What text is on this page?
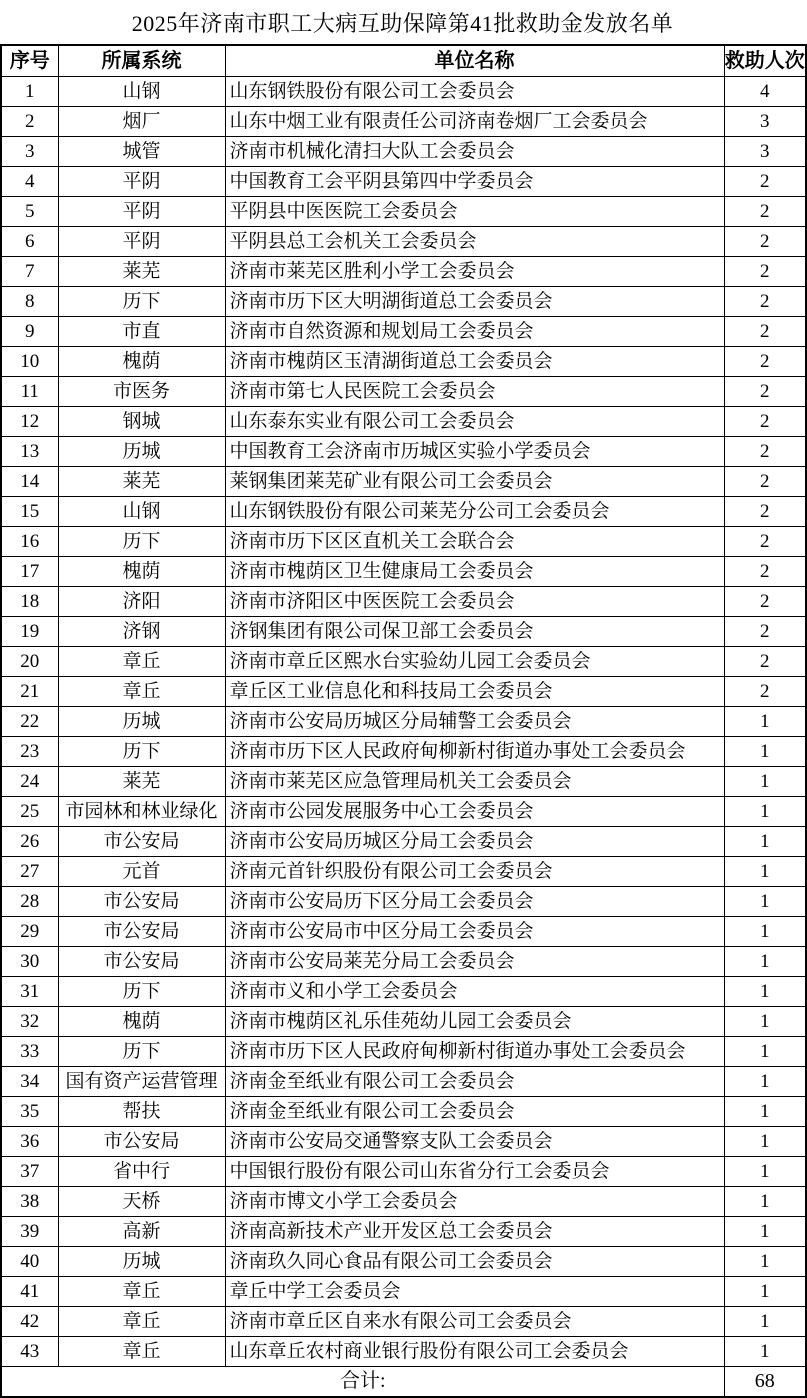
2025年济南市职工大病互助保障第41批救助金发放名单
序号	所属系统	单位名称	救助人次
1	山钢	山东钢铁股份有限公司工会委员会	4
2	烟厂	山东中烟工业有限责任公司济南卷烟厂工会委员会	3
3	城管	济南市机械化清扫大队工会委员会	3
4	平阴	中国教育工会平阴县第四中学委员会	2
5	平阴	平阴县中医医院工会委员会	2
6	平阴	平阴县总工会机关工会委员会	2
7	莱芜	济南市莱芜区胜利小学工会委员会	2
8	历下	济南市历下区大明湖街道总工会委员会	2
9	市直	济南市自然资源和规划局工会委员会	2
10	槐荫	济南市槐荫区玉清湖街道总工会委员会	2
11	市医务	济南市第七人民医院工会委员会	2
12	钢城	山东泰东实业有限公司工会委员会	2
13	历城	中国教育工会济南市历城区实验小学委员会	2
14	莱芜	莱钢集团莱芜矿业有限公司工会委员会	2
15	山钢	山东钢铁股份有限公司莱芜分公司工会委员会	2
16	历下	济南市历下区区直机关工会联合会	2
17	槐荫	济南市槐荫区卫生健康局工会委员会	2
18	济阳	济南市济阳区中医医院工会委员会	2
19	济钢	济钢集团有限公司保卫部工会委员会	2
20	章丘	济南市章丘区熙水台实验幼儿园工会委员会	2
21	章丘	章丘区工业信息化和科技局工会委员会	2
22	历城	济南市公安局历城区分局辅警工会委员会	1
23	历下	济南市历下区人民政府甸柳新村街道办事处工会委员会	1
24	莱芜	济南市莱芜区应急管理局机关工会委员会	1
25	市园林和林业绿化	济南市公园发展服务中心工会委员会	1
26	市公安局	济南市公安局历城区分局工会委员会	1
27	元首	济南元首针织股份有限公司工会委员会	1
28	市公安局	济南市公安局历下区分局工会委员会	1
29	市公安局	济南市公安局市中区分局工会委员会	1
30	市公安局	济南市公安局莱芜分局工会委员会	1
31	历下	济南市义和小学工会委员会	1
32	槐荫	济南市槐荫区礼乐佳苑幼儿园工会委员会	1
33	历下	济南市历下区人民政府甸柳新村街道办事处工会委员会	1
34	国有资产运营管理	济南金至纸业有限公司工会委员会	1
35	帮扶	济南金至纸业有限公司工会委员会	1
36	市公安局	济南市公安局交通警察支队工会委员会	1
37	省中行	中国银行股份有限公司山东省分行工会委员会	1
38	天桥	济南市博文小学工会委员会	1
39	高新	济南高新技术产业开发区总工会委员会	1
40	历城	济南玖久同心食品有限公司工会委员会	1
41	章丘	章丘中学工会委员会	1
42	章丘	济南市章丘区自来水有限公司工会委员会	1
43	章丘	山东章丘农村商业银行股份有限公司工会委员会	1
合计:			68
